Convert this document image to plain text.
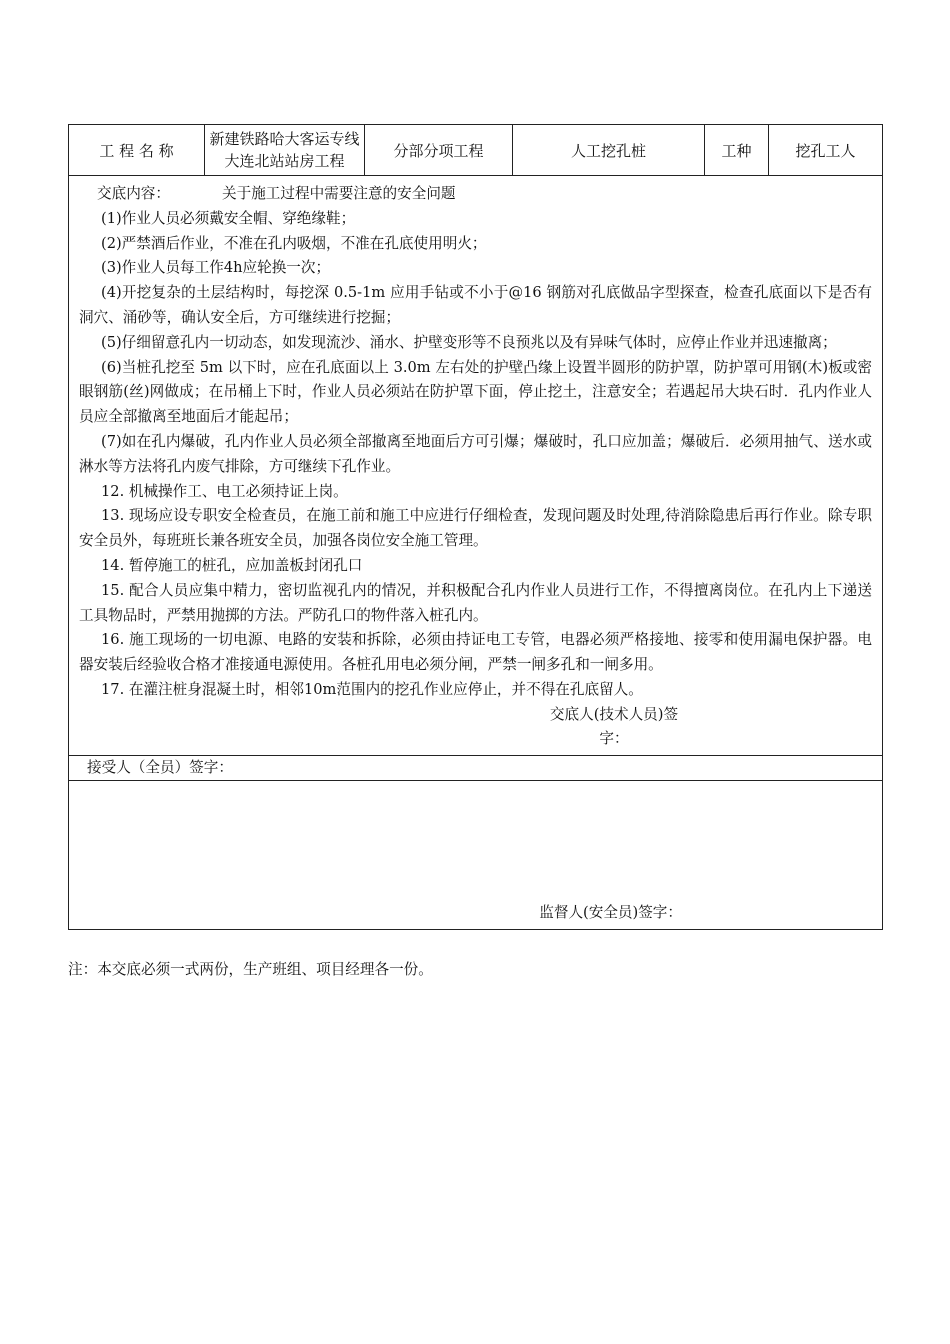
工 程 名 称	新建铁路哈大客运专线大连北站站房工程	分部分项工程	人工挖孔桩	工种	挖孔工人

交底内容：	关于施工过程中需要注意的安全问题
(1)作业人员必须戴安全帽、穿绝缘鞋；
(2)严禁酒后作业，不准在孔内吸烟，不准在孔底使用明火；
(3)作业人员每工作4h应轮换一次；
(4)开挖复杂的土层结构时，每挖深 0.5-1m 应用手钻或不小于@16 钢筋对孔底做品字型探查，检查孔底面以下是否有洞穴、涌砂等，确认安全后，方可继续进行挖掘；
(5)仔细留意孔内一切动态，如发现流沙、涌水、护壁变形等不良预兆以及有异味气体时，应停止作业并迅速撤离；
(6)当桩孔挖至 5m 以下时，应在孔底面以上 3.0m 左右处的护壁凸缘上设置半圆形的防护罩，防护罩可用钢(木)板或密眼钢筋(丝)网做成；在吊桶上下时，作业人员必须站在防护罩下面，停止挖土，注意安全；若遇起吊大块石时．孔内作业人员应全部撤离至地面后才能起吊；
(7)如在孔内爆破，孔内作业人员必须全部撤离至地面后方可引爆；爆破时，孔口应加盖；爆破后．必须用抽气、送水或淋水等方法将孔内废气排除，方可继续下孔作业。
12. 机械操作工、电工必须持证上岗。
13. 现场应设专职安全检查员，在施工前和施工中应进行仔细检查，发现问题及时处理,待消除隐患后再行作业。除专职安全员外，每班班长兼各班安全员，加强各岗位安全施工管理。
14. 暂停施工的桩孔，应加盖板封闭孔口
15. 配合人员应集中精力，密切监视孔内的情况，并积极配合孔内作业人员进行工作，不得擅离岗位。在孔内上下递送工具物品时，严禁用抛掷的方法。严防孔口的物件落入桩孔内。
16. 施工现场的一切电源、电路的安装和拆除，必须由持证电工专管，电器必须严格接地、接零和使用漏电保护器。电器安装后经验收合格才准接通电源使用。各桩孔用电必须分闸，严禁一闸多孔和一闸多用。
17. 在灌注桩身混凝土时，相邻10m范围内的挖孔作业应停止，并不得在孔底留人。
交底人(技术人员)签
字：

接受人（全员）签字：

监督人(安全员)签字：
注：本交底必须一式两份，生产班组、项目经理各一份。
